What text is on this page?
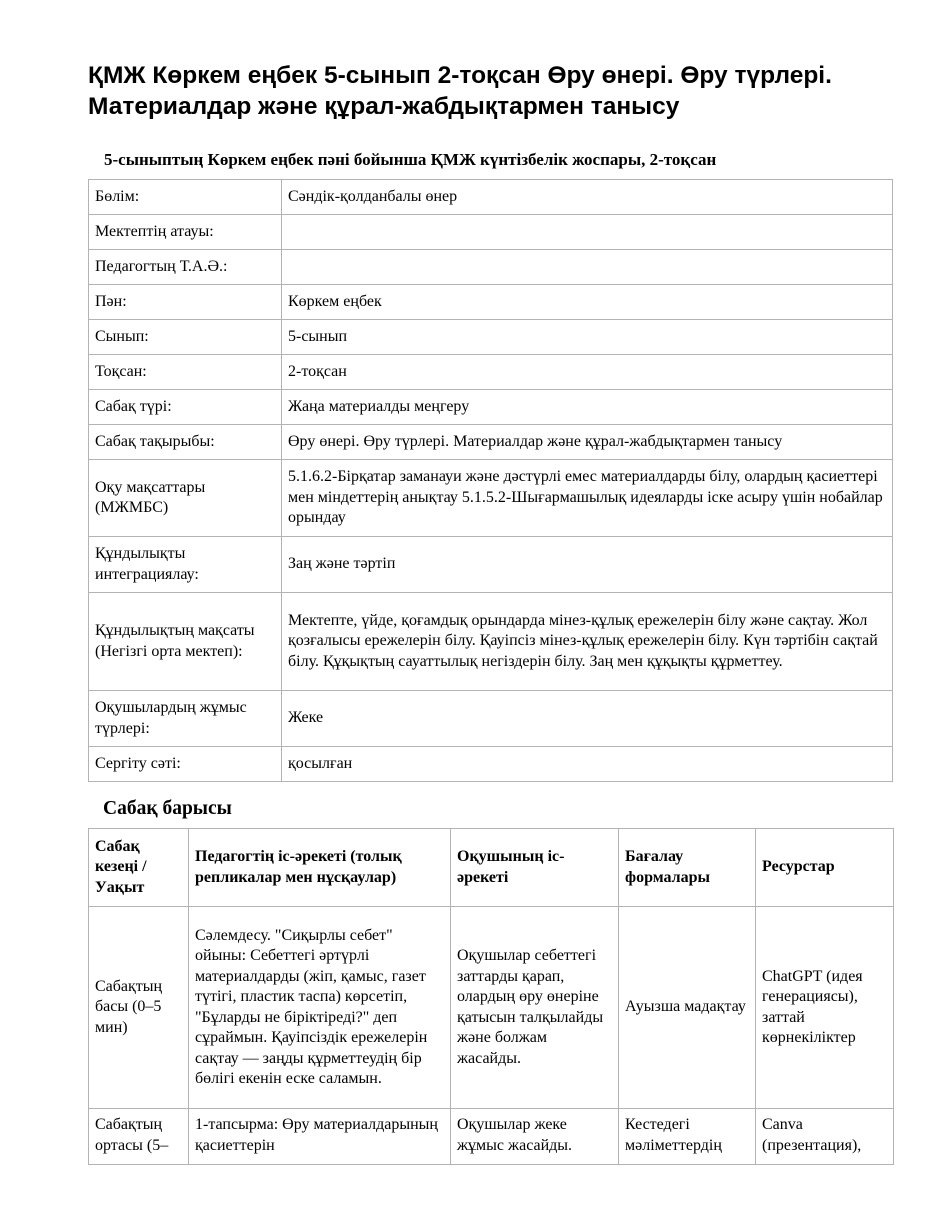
ҚМЖ Көркем еңбек 5-сынып 2-тоқсан Өру өнері. Өру түрлері. Материалдар және құрал-жабдықтармен танысу
5-сыныптың Көркем еңбек пәні бойынша ҚМЖ күнтізбелік жоспары, 2-тоқсан
Бөлім:	Сәндік-қолданбалы өнер
Мектептің атауы:	
Педагогтың Т.А.Ә.:	
Пән:	Көркем еңбек
Сынып:	5-сынып
Тоқсан:	2-тоқсан
Сабақ түрі:	Жаңа материалды меңгеру
Сабақ тақырыбы:	Өру өнері. Өру түрлері. Материалдар және құрал-жабдықтармен танысу
Оқу мақсаттары (МЖМБС)	5.1.6.2-Бірқатар заманауи және дәстүрлі емес материалдарды білу, олардың қасиеттері мен міндеттерің анықтау 5.1.5.2-Шығармашылық идеяларды іске асыру үшін нобайлар орындау
Құндылықты интеграциялау:	Заң және тәртіп
Құндылықтың мақсаты (Негізгі орта мектеп):	Мектепте, үйде, қоғамдық орындарда мінез-құлық ережелерін білу және сақтау. Жол қозғалысы ережелерін білу. Қауіпсіз мінез-құлық ережелерін білу. Күн тәртібін сақтай білу. Құқықтың сауаттылық негіздерін білу. Заң мен құқықты құрметтеу.
Оқушылардың жұмыс түрлері:	Жеке
Сергіту сәті:	қосылған
Сабақ барысы
Сабақ кезеңі / Уақыт	Педагогтің іс-әрекеті (толық репликалар мен нұсқаулар)	Оқушының іс-әрекеті	Бағалау формалары	Ресурстар
Сабақтың басы (0–5 мин)	Сәлемдесу. "Сиқырлы себет" ойыны: Себеттегі әртүрлі материалдарды (жіп, қамыс, газет түтігі, пластик таспа) көрсетіп, "Бұларды не біріктіреді?" деп сұраймын. Қауіпсіздік ережелерін сақтау — заңды құрметтеудің бір бөлігі екенін еске саламын.	Оқушылар себеттегі заттарды қарап, олардың өру өнеріне қатысын талқылайды және болжам жасайды.	Ауызша мадақтау	ChatGPT (идея генерациясы), заттай көрнекіліктер
Сабақтың ортасы (5–	1-тапсырма: Өру материалдарының қасиеттерін	Оқушылар жеке жұмыс жасайды.	Кестедегі мәліметтердің	Canva (презентация),
